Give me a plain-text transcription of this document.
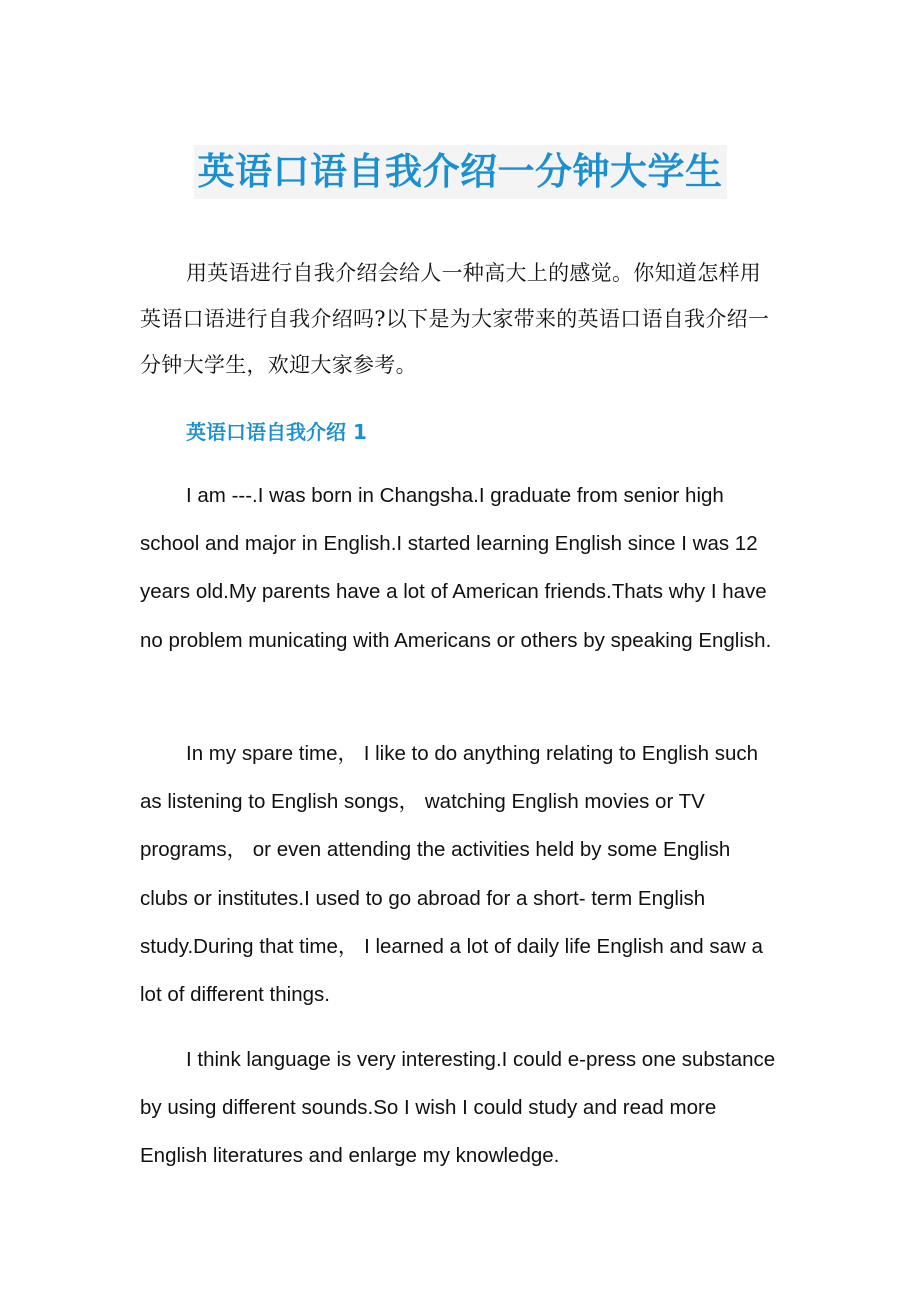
英语口语自我介绍一分钟大学生

用英语进行自我介绍会给人一种高大上的感觉。你知道怎样用英语口语进行自我介绍吗?以下是为大家带来的英语口语自我介绍一分钟大学生，欢迎大家参考。

英语口语自我介绍 1

I am ---.I was born in Changsha.I graduate from senior high school and major in English.I started learning English since I was 12 years old.My parents have a lot of American friends.Thats why I have no problem municating with Americans or others by speaking English.

In my spare time， I like to do anything relating to English such as listening to English songs， watching English movies or TV programs， or even attending the activities held by some English clubs or institutes.I used to go abroad for a short- term English study.During that time， I learned a lot of daily life English and saw a lot of different things.

I think language is very interesting.I could e-press one substance by using different sounds.So I wish I could study and read more English literatures and enlarge my knowledge.
